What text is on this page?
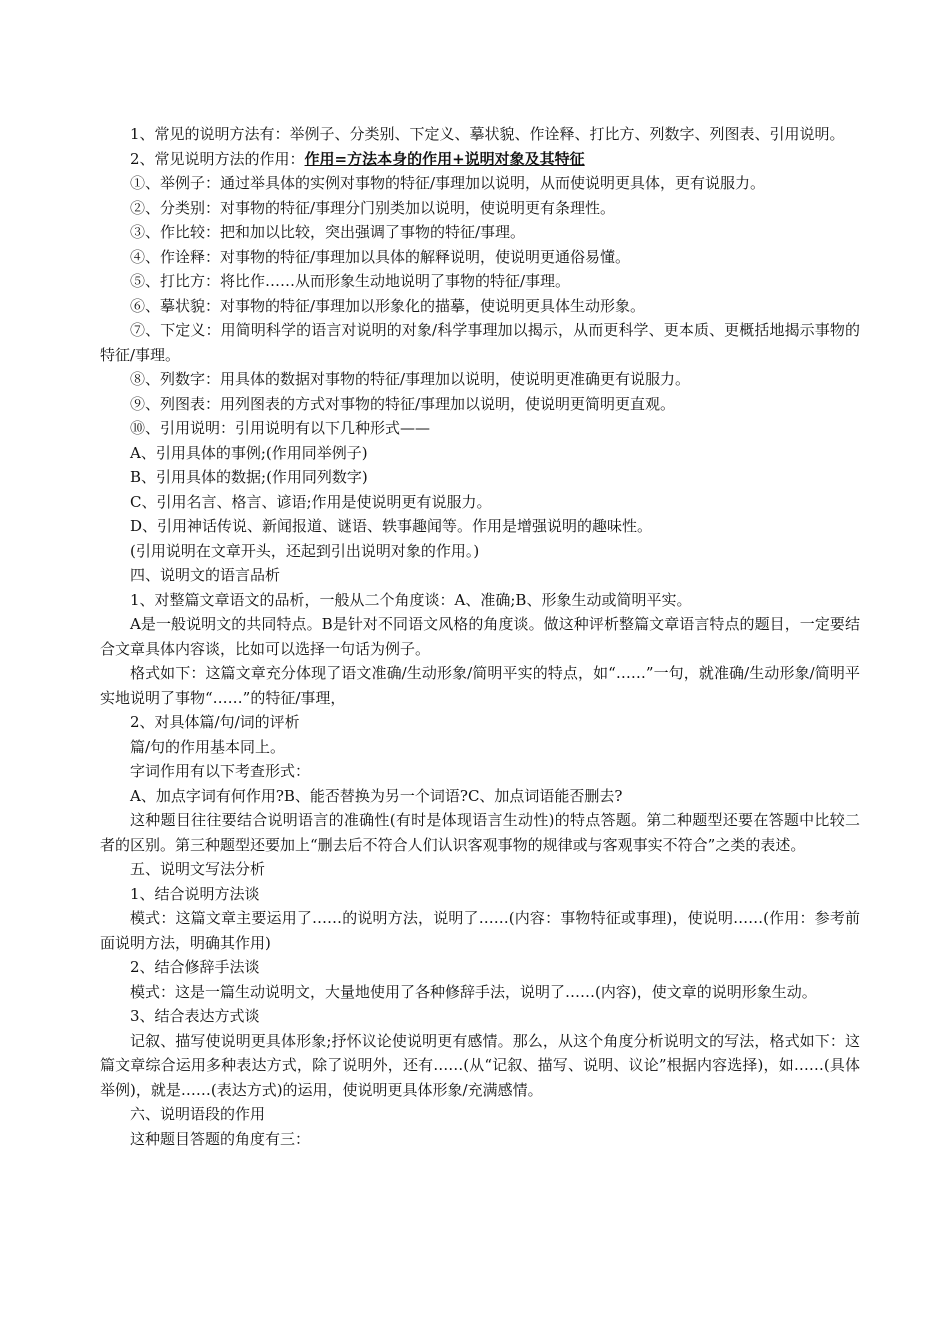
1、常见的说明方法有：举例子、分类别、下定义、摹状貌、作诠释、打比方、列数字、列图表、引用说明。

2、常见说明方法的作用：作用=方法本身的作用+说明对象及其特征

①、举例子：通过举具体的实例对事物的特征/事理加以说明，从而使说明更具体，更有说服力。

②、分类别：对事物的特征/事理分门别类加以说明，使说明更有条理性。

③、作比较：把和加以比较，突出强调了事物的特征/事理。

④、作诠释：对事物的特征/事理加以具体的解释说明，使说明更通俗易懂。

⑤、打比方：将比作……从而形象生动地说明了事物的特征/事理。

⑥、摹状貌：对事物的特征/事理加以形象化的描摹，使说明更具体生动形象。

⑦、下定义：用简明科学的语言对说明的对象/科学事理加以揭示，从而更科学、更本质、更概括地揭示事物的特征/事理。

⑧、列数字：用具体的数据对事物的特征/事理加以说明，使说明更准确更有说服力。

⑨、列图表：用列图表的方式对事物的特征/事理加以说明，使说明更简明更直观。

⑩、引用说明：引用说明有以下几种形式——

A、引用具体的事例;(作用同举例子)

B、引用具体的数据;(作用同列数字)

C、引用名言、格言、谚语;作用是使说明更有说服力。

D、引用神话传说、新闻报道、谜语、轶事趣闻等。作用是增强说明的趣味性。

(引用说明在文章开头，还起到引出说明对象的作用。)

四、说明文的语言品析

1、对整篇文章语文的品析，一般从二个角度谈：A、准确;B、形象生动或简明平实。

A是一般说明文的共同特点。B是针对不同语文风格的角度谈。做这种评析整篇文章语言特点的题目，一定要结合文章具体内容谈，比如可以选择一句话为例子。

格式如下：这篇文章充分体现了语文准确/生动形象/简明平实的特点，如“……”一句，就准确/生动形象/简明平实地说明了事物“……”的特征/事理，

2、对具体篇/句/词的评析

篇/句的作用基本同上。

字词作用有以下考查形式：

A、加点字词有何作用?B、能否替换为另一个词语?C、加点词语能否删去?

这种题目往往要结合说明语言的准确性(有时是体现语言生动性)的特点答题。第二种题型还要在答题中比较二者的区别。第三种题型还要加上“删去后不符合人们认识客观事物的规律或与客观事实不符合”之类的表述。

五、说明文写法分析

1、结合说明方法谈

模式：这篇文章主要运用了……的说明方法，说明了……(内容：事物特征或事理)，使说明……(作用：参考前面说明方法，明确其作用)

2、结合修辞手法谈

模式：这是一篇生动说明文，大量地使用了各种修辞手法，说明了……(内容)，使文章的说明形象生动。

3、结合表达方式谈

记叙、描写使说明更具体形象;抒怀议论使说明更有感情。那么，从这个角度分析说明文的写法，格式如下：这篇文章综合运用多种表达方式，除了说明外，还有……(从“记叙、描写、说明、议论”根据内容选择)，如……(具体举例)，就是……(表达方式)的运用，使说明更具体形象/充满感情。

六、说明语段的作用

这种题目答题的角度有三：
